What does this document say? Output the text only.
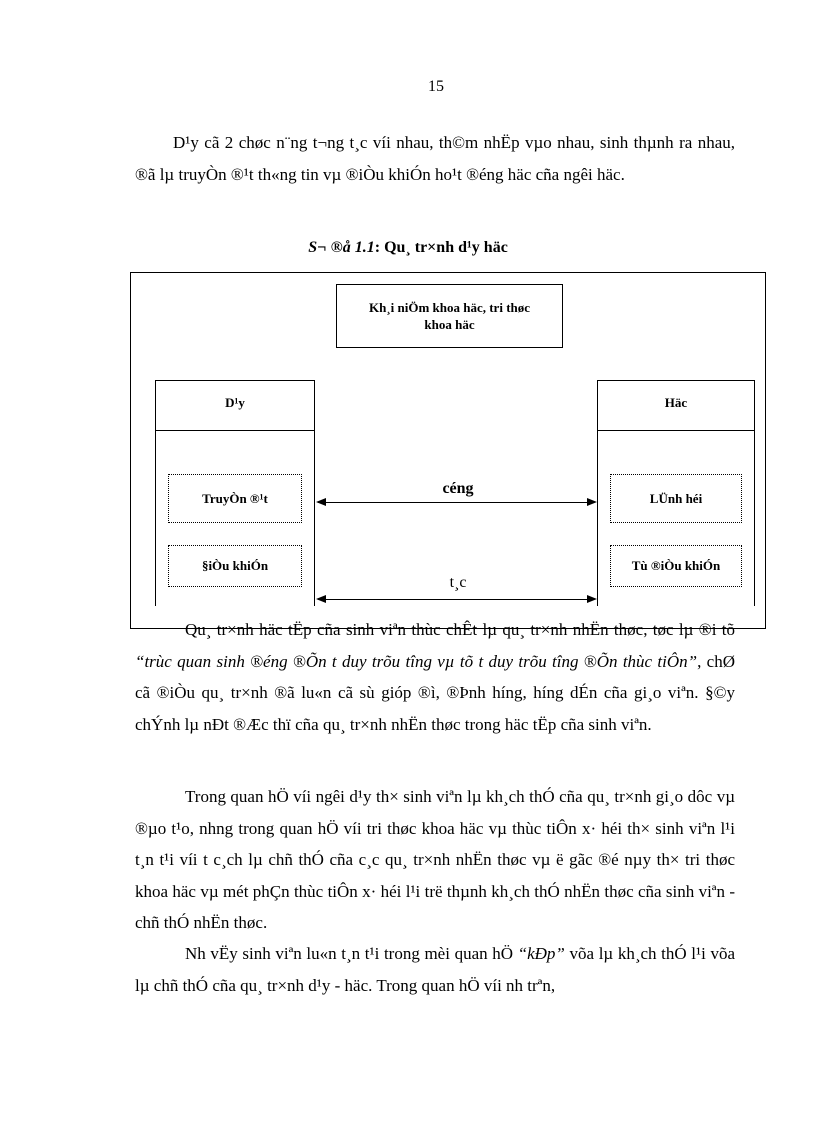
15

D¹y cã 2 chøc n¨ng t¬ng t¸c víi nhau, th©m nhËp vµo nhau, sinh thµnh ra nhau, ®ã lµ truyÒn ®¹t th«ng tin vµ ®iÒu khiÓn ho¹t ®éng häc cña ngêi häc.

S¬ ®å 1.1: Qu¸ tr×nh d¹y häc
Kh¸i niÖm khoa häc, tri thøc khoa häc
D¹y
TruyÒn ®¹t
§iÒu khiÓn
Häc
LÜnh héi
Tù ®iÒu khiÓn
céng
t¸c

Qu¸ tr×nh häc tËp cña sinh viªn thùc chÊt lµ qu¸ tr×nh nhËn thøc, tøc lµ ®i tõ “trùc quan sinh ®éng ®Õn t duy trõu tîng vµ tõ t duy trõu tîng ®Õn thùc tiÔn”, chØ cã ®iÒu qu¸ tr×nh ®ã lu«n cã sù gióp ®ì, ®Þnh híng, híng dÉn cña gi¸o viªn. §©y chÝnh lµ nÐt ®Æc thï cña qu¸ tr×nh nhËn thøc trong häc tËp cña sinh viªn.

Trong quan hÖ víi ngêi d¹y th× sinh viªn lµ kh¸ch thÓ cña qu¸ tr×nh gi¸o dôc vµ ®µo t¹o, nhng trong quan hÖ víi tri thøc khoa häc vµ thùc tiÔn x· héi th× sinh viªn l¹i t¸n t¹i víi t c¸ch lµ chñ thÓ cña c¸c qu¸ tr×nh nhËn thøc vµ ë gãc ®é nµy th× tri thøc khoa häc vµ mét phÇn thùc tiÔn x· héi l¹i trë thµnh kh¸ch thÓ nhËn thøc cña sinh viªn - chñ thÓ nhËn thøc.

Nh vËy sinh viªn lu«n t¸n t¹i trong mèi quan hÖ “kÐp” võa lµ kh¸ch thÓ l¹i võa lµ chñ thÓ cña qu¸ tr×nh d¹y - häc. Trong quan hÖ víi nh trªn,
